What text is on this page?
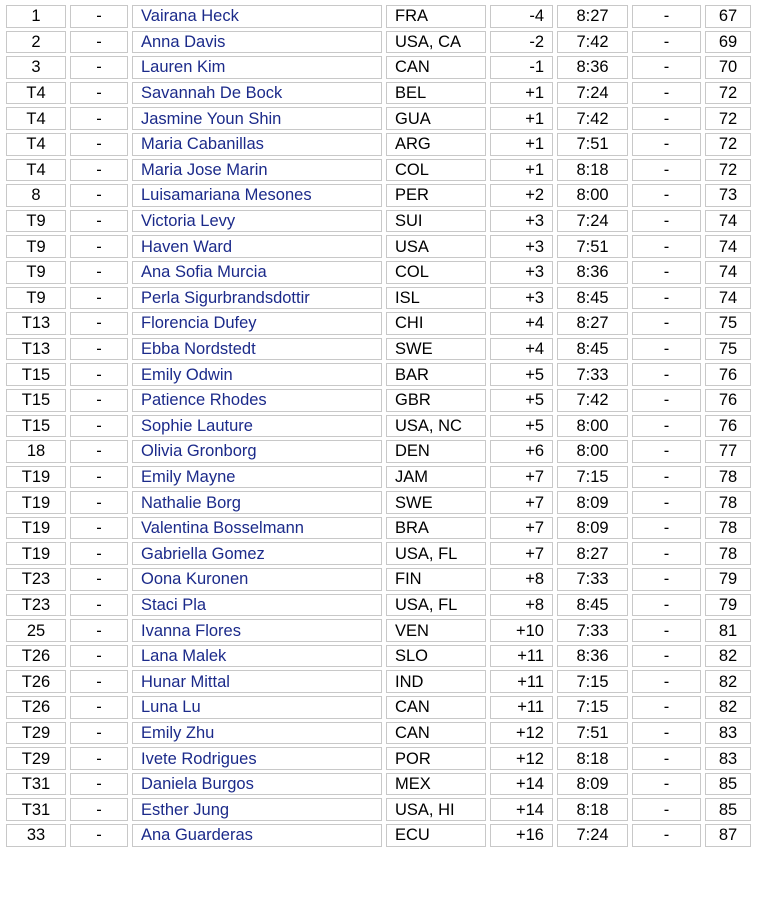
1	-	Vairana Heck	FRA	-4	8:27	-	67
2	-	Anna Davis	USA, CA	-2	7:42	-	69
3	-	Lauren Kim	CAN	-1	8:36	-	70
T4	-	Savannah De Bock	BEL	+1	7:24	-	72
T4	-	Jasmine Youn Shin	GUA	+1	7:42	-	72
T4	-	Maria Cabanillas	ARG	+1	7:51	-	72
T4	-	Maria Jose Marin	COL	+1	8:18	-	72
8	-	Luisamariana Mesones	PER	+2	8:00	-	73
T9	-	Victoria Levy	SUI	+3	7:24	-	74
T9	-	Haven Ward	USA	+3	7:51	-	74
T9	-	Ana Sofia Murcia	COL	+3	8:36	-	74
T9	-	Perla Sigurbrandsdottir	ISL	+3	8:45	-	74
T13	-	Florencia Dufey	CHI	+4	8:27	-	75
T13	-	Ebba Nordstedt	SWE	+4	8:45	-	75
T15	-	Emily Odwin	BAR	+5	7:33	-	76
T15	-	Patience Rhodes	GBR	+5	7:42	-	76
T15	-	Sophie Lauture	USA, NC	+5	8:00	-	76
18	-	Olivia Gronborg	DEN	+6	8:00	-	77
T19	-	Emily Mayne	JAM	+7	7:15	-	78
T19	-	Nathalie Borg	SWE	+7	8:09	-	78
T19	-	Valentina Bosselmann	BRA	+7	8:09	-	78
T19	-	Gabriella Gomez	USA, FL	+7	8:27	-	78
T23	-	Oona Kuronen	FIN	+8	7:33	-	79
T23	-	Staci Pla	USA, FL	+8	8:45	-	79
25	-	Ivanna Flores	VEN	+10	7:33	-	81
T26	-	Lana Malek	SLO	+11	8:36	-	82
T26	-	Hunar Mittal	IND	+11	7:15	-	82
T26	-	Luna Lu	CAN	+11	7:15	-	82
T29	-	Emily Zhu	CAN	+12	7:51	-	83
T29	-	Ivete Rodrigues	POR	+12	8:18	-	83
T31	-	Daniela Burgos	MEX	+14	8:09	-	85
T31	-	Esther Jung	USA, HI	+14	8:18	-	85
33	-	Ana Guarderas	ECU	+16	7:24	-	87
